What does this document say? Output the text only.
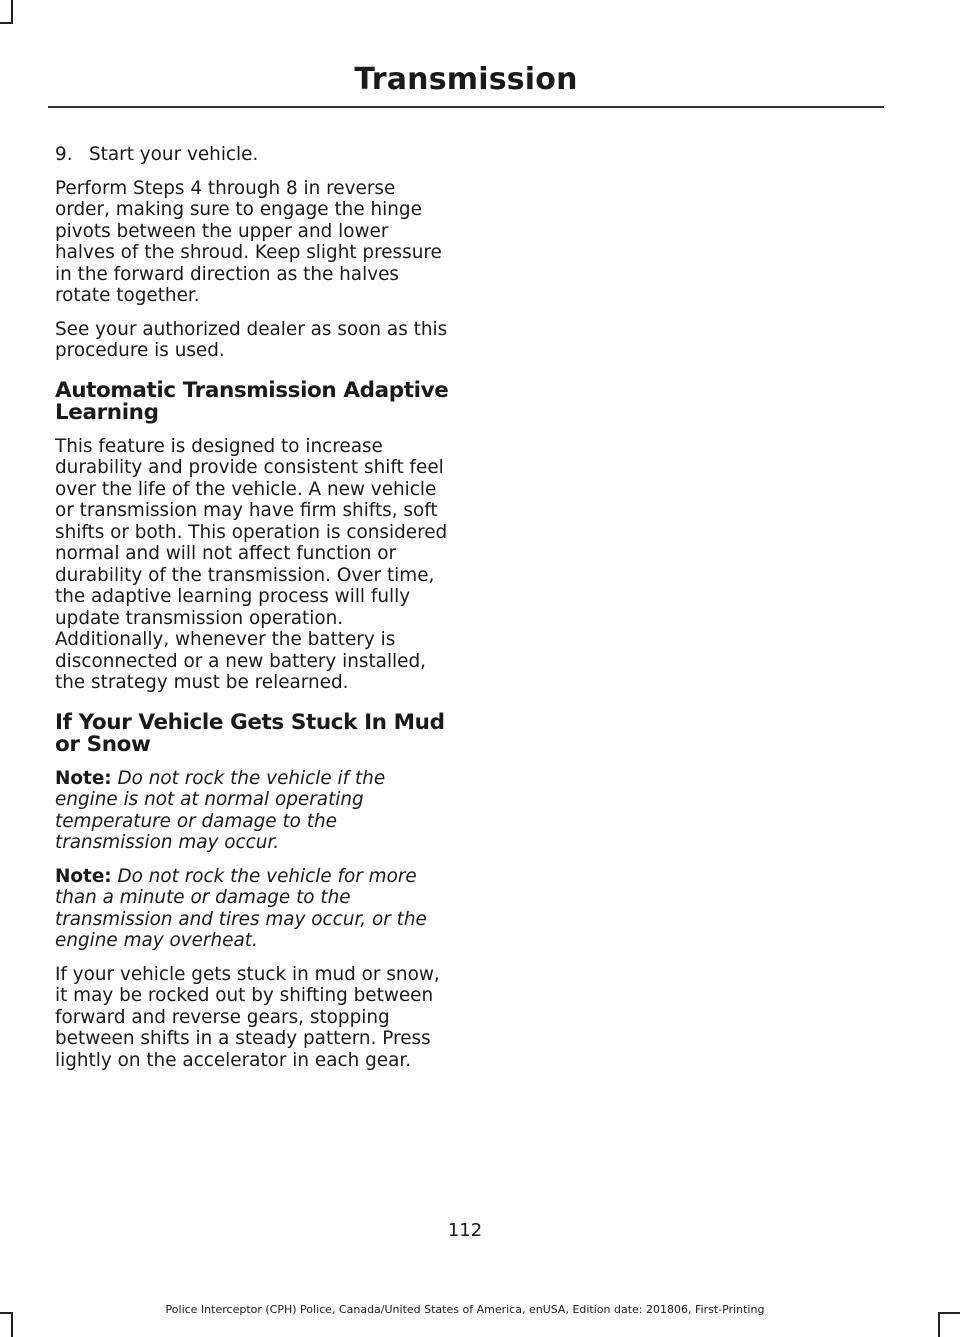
Transmission

9. Start your vehicle.

Perform Steps 4 through 8 in reverse order, making sure to engage the hinge pivots between the upper and lower halves of the shroud. Keep slight pressure in the forward direction as the halves rotate together.

See your authorized dealer as soon as this procedure is used.

Automatic Transmission Adaptive Learning

This feature is designed to increase durability and provide consistent shift feel over the life of the vehicle. A new vehicle or transmission may have firm shifts, soft shifts or both. This operation is considered normal and will not affect function or durability of the transmission. Over time, the adaptive learning process will fully update transmission operation. Additionally, whenever the battery is disconnected or a new battery installed, the strategy must be relearned.

If Your Vehicle Gets Stuck In Mud or Snow

Note: Do not rock the vehicle if the engine is not at normal operating temperature or damage to the transmission may occur.

Note: Do not rock the vehicle for more than a minute or damage to the transmission and tires may occur, or the engine may overheat.

If your vehicle gets stuck in mud or snow, it may be rocked out by shifting between forward and reverse gears, stopping between shifts in a steady pattern. Press lightly on the accelerator in each gear.

112
Police Interceptor (CPH) Police, Canada/United States of America, enUSA, Edition date: 201806, First-Printing
